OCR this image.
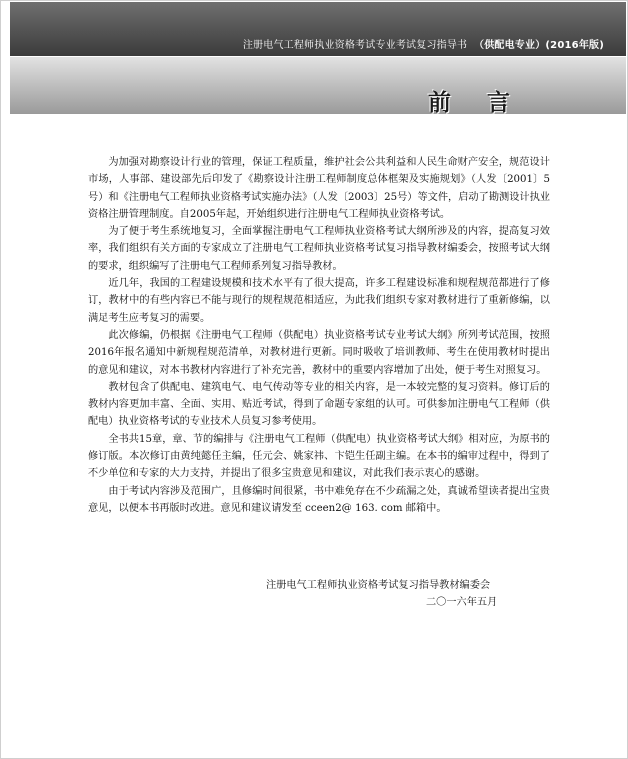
注册电气工程师执业资格考试专业考试复习指导书 （供配电专业）(2016年版)
前 言

为加强对勘察设计行业的管理，保证工程质量，维护社会公共利益和人民生命财产安全，规范设计市场，人事部、建设部先后印发了《勘察设计注册工程师制度总体框架及实施规划》（人发〔2001〕5号）和《注册电气工程师执业资格考试实施办法》（人发〔2003〕25号）等文件，启动了勘测设计执业资格注册管理制度。自2005年起，开始组织进行注册电气工程师执业资格考试。

为了便于考生系统地复习，全面掌握注册电气工程师执业资格考试大纲所涉及的内容，提高复习效率，我们组织有关方面的专家成立了注册电气工程师执业资格考试复习指导教材编委会，按照考试大纲的要求，组织编写了注册电气工程师系列复习指导教材。

近几年，我国的工程建设规模和技术水平有了很大提高，许多工程建设标准和规程规范都进行了修订，教材中的有些内容已不能与现行的规程规范相适应，为此我们组织专家对教材进行了重新修编，以满足考生应考复习的需要。

此次修编，仍根据《注册电气工程师（供配电）执业资格考试专业考试大纲》所列考试范围，按照2016年报名通知中新规程规范清单，对教材进行更新。同时吸收了培训教师、考生在使用教材时提出的意见和建议，对本书教材内容进行了补充完善，教材中的重要内容增加了出处，便于考生对照复习。

教材包含了供配电、建筑电气、电气传动等专业的相关内容，是一本较完整的复习资料。修订后的教材内容更加丰富、全面、实用、贴近考试，得到了命题专家组的认可。可供参加注册电气工程师（供配电）执业资格考试的专业技术人员复习参考使用。

全书共15章，章、节的编排与《注册电气工程师（供配电）执业资格考试大纲》相对应，为原书的修订版。本次修订由黄纯懿任主编，任元会、姚家祎、卞铠生任副主编。在本书的编审过程中，得到了不少单位和专家的大力支持，并提出了很多宝贵意见和建议，对此我们表示衷心的感谢。

由于考试内容涉及范围广，且修编时间很紧，书中难免存在不少疏漏之处，真诚希望读者提出宝贵意见，以便本书再版时改进。意见和建议请发至 cceen2@ 163. com 邮箱中。

注册电气工程师执业资格考试复习指导教材编委会
二〇一六年五月
